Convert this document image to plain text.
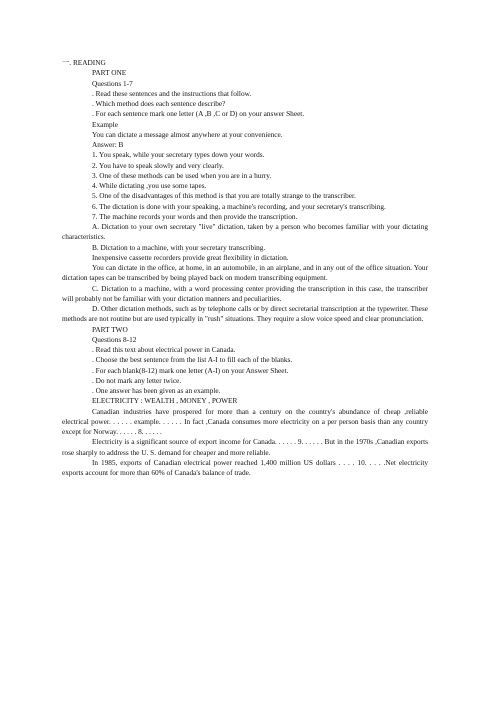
一. READING

PART ONE

Questions 1-7

. Read these sentences and the instructions that follow.

. Which method does each sentence describe?

. For each sentence mark one letter (A ,B ,C or D) on your answer Sheet.

Example

You can dictate a message almost anywhere at your convenience.

Answer: B

1. You speak, while your secretary types down your words.

2. You have to speak slowly and very clearly.

3. One of these methods can be used when you are in a hurry.

4. While dictating ,you use some tapes.

5. One of the disadvantages of this method is that you are totally strange to the transcriber.

6. The dictation is done with your speaking, a machine's recording, and your secretary's transcribing.

7. The machine records your words and then provide the transcription.

A. Dictation to your own secretary "live" dictation, taken by a person who becomes familiar with your dictating characteristics.

B. Dictation to a machine, with your secretary transcribing.

Inexpensive cassette recorders provide great flexibility in dictation.

You can dictate in the office, at home, in an automobile, in an airplane, and in any out of the office situation. Your dictation tapes can be transcribed by being played back on modern transcribing equipment.

C. Dictation to a machine, with a word processing center providing the transcription in this case, the transcriber will probably not be familiar with your dictation manners and peculiarities.

D. Other dictation methods, such as by telephone calls or by direct secretarial transcription at the typewriter. These methods are not routine but are used typically in "rush" situations. They require a slow voice speed and clear pronunciation.

PART TWO

Questions 8-12

. Read this text about electrical power in Canada.

. Choose the best sentence from the list A-I to fill each of the blanks.

. For each blank(8-12) mark one letter (A-I) on your Answer Sheet.

. Do not mark any letter twice.

. One answer has been given as an example.

ELECTRICITY : WEALTH , MONEY , POWER

Canadian industries have prospered for more than a century on the country's abundance of cheap ,reliable electrical power. . . . . . example. . . . . . In fact ,Canada consumes more electricity on a per person basis than any country except for Norway. . . . . . 8. . . . . .

Electricity is a significant source of export income for Canada. . . . . . 9. . . . . . But in the 1970s ,Canadian exports rose sharply to address the U. S. demand for cheaper and more reliable.

In 1985, exports of Canadian electrical power reached 1,400 million US dollars . . . . 10. . . . .Net electricity exports account for more than 60% of Canada's balance of trade.
